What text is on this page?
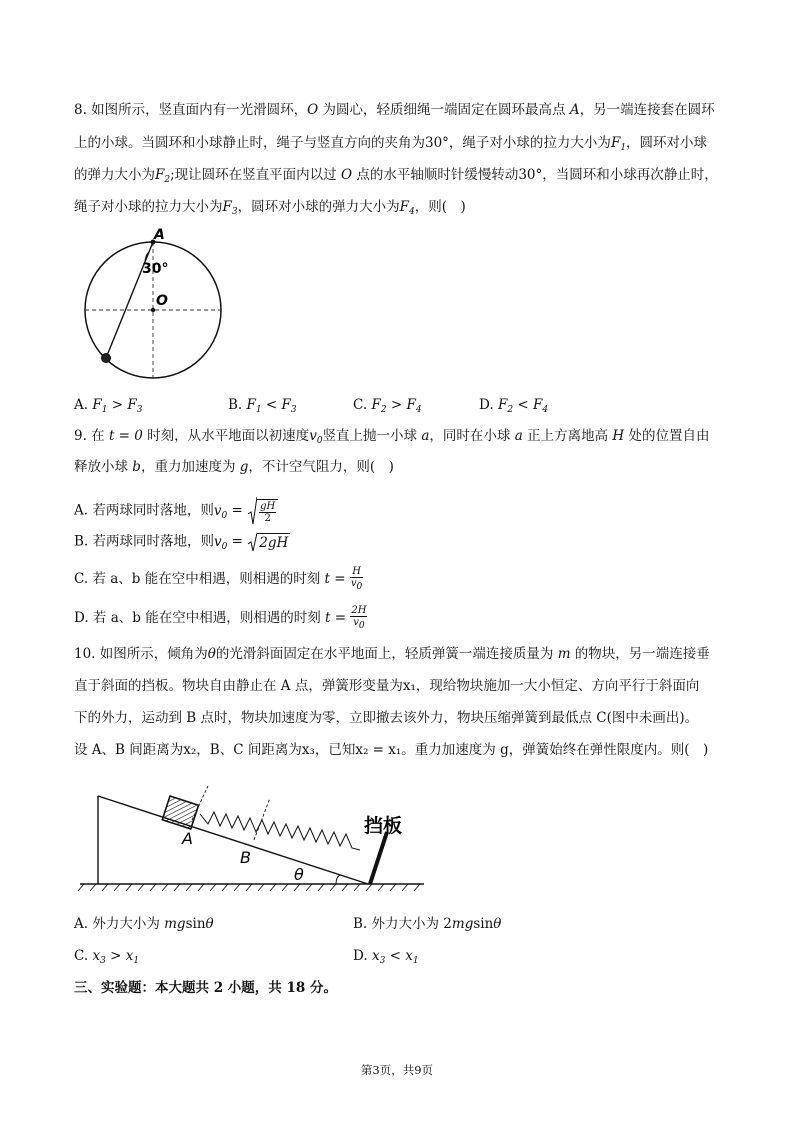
8. 如图所示，竖直面内有一光滑圆环，O 为圆心，轻质细绳一端固定在圆环最高点 A，另一端连接套在圆环
上的小球。当圆环和小球静止时，绳子与竖直方向的夹角为30°，绳子对小球的拉力大小为$F_1$，圆环对小球
的弹力大小为$F_2$;现让圆环在竖直平面内以过 O 点的水平轴顺时针缓慢转动30°，当圆环和小球再次静止时，
绳子对小球的拉力大小为$F_3$，圆环对小球的弹力大小为$F_4$，则(　)
A
30°
O
A. $F_1 > F_3$	B. $F_1 < F_3$	C. $F_2 > F_4$	D. $F_2 < F_4$
9. 在 t = 0 时刻，从水平地面以初速度$v_0$竖直上抛一小球 a，同时在小球 a 正上方离地高 H 处的位置自由
释放小球 b，重力加速度为 g，不计空气阻力，则(　)
A. 若两球同时落地，则$v_0 = \frac{gH}{2}$
B. 若两球同时落地，则$v_0 = 2gH$
C. 若 a、b 能在空中相遇，则相遇的时刻 $t = \frac{H}{v0}$
D. 若 a、b 能在空中相遇，则相遇的时刻 $t = \frac{2H}{v0}$
10. 如图所示，倾角为θ的光滑斜面固定在水平地面上，轻质弹簧一端连接质量为 m 的物块，另一端连接垂
直于斜面的挡板。物块自由静止在 A 点，弹簧形变量为x₁，现给物块施加一大小恒定、方向平行于斜面向
下的外力，运动到 B 点时，物块加速度为零，立即撤去该外力，物块压缩弹簧到最低点 C(图中未画出)。
设 A、B 间距离为x₂，B、C 间距离为x₃，已知x₂ = x₁。重力加速度为 g，弹簧始终在弹性限度内。则(　)
A
B
θ
挡板
A. 外力大小为 mgsinθ	B. 外力大小为 2mgsinθ
C. $x_3 > x_1$	D. $x_3 < x_1$
三、实验题：本大题共 2 小题，共 18 分。
第3页，共9页
